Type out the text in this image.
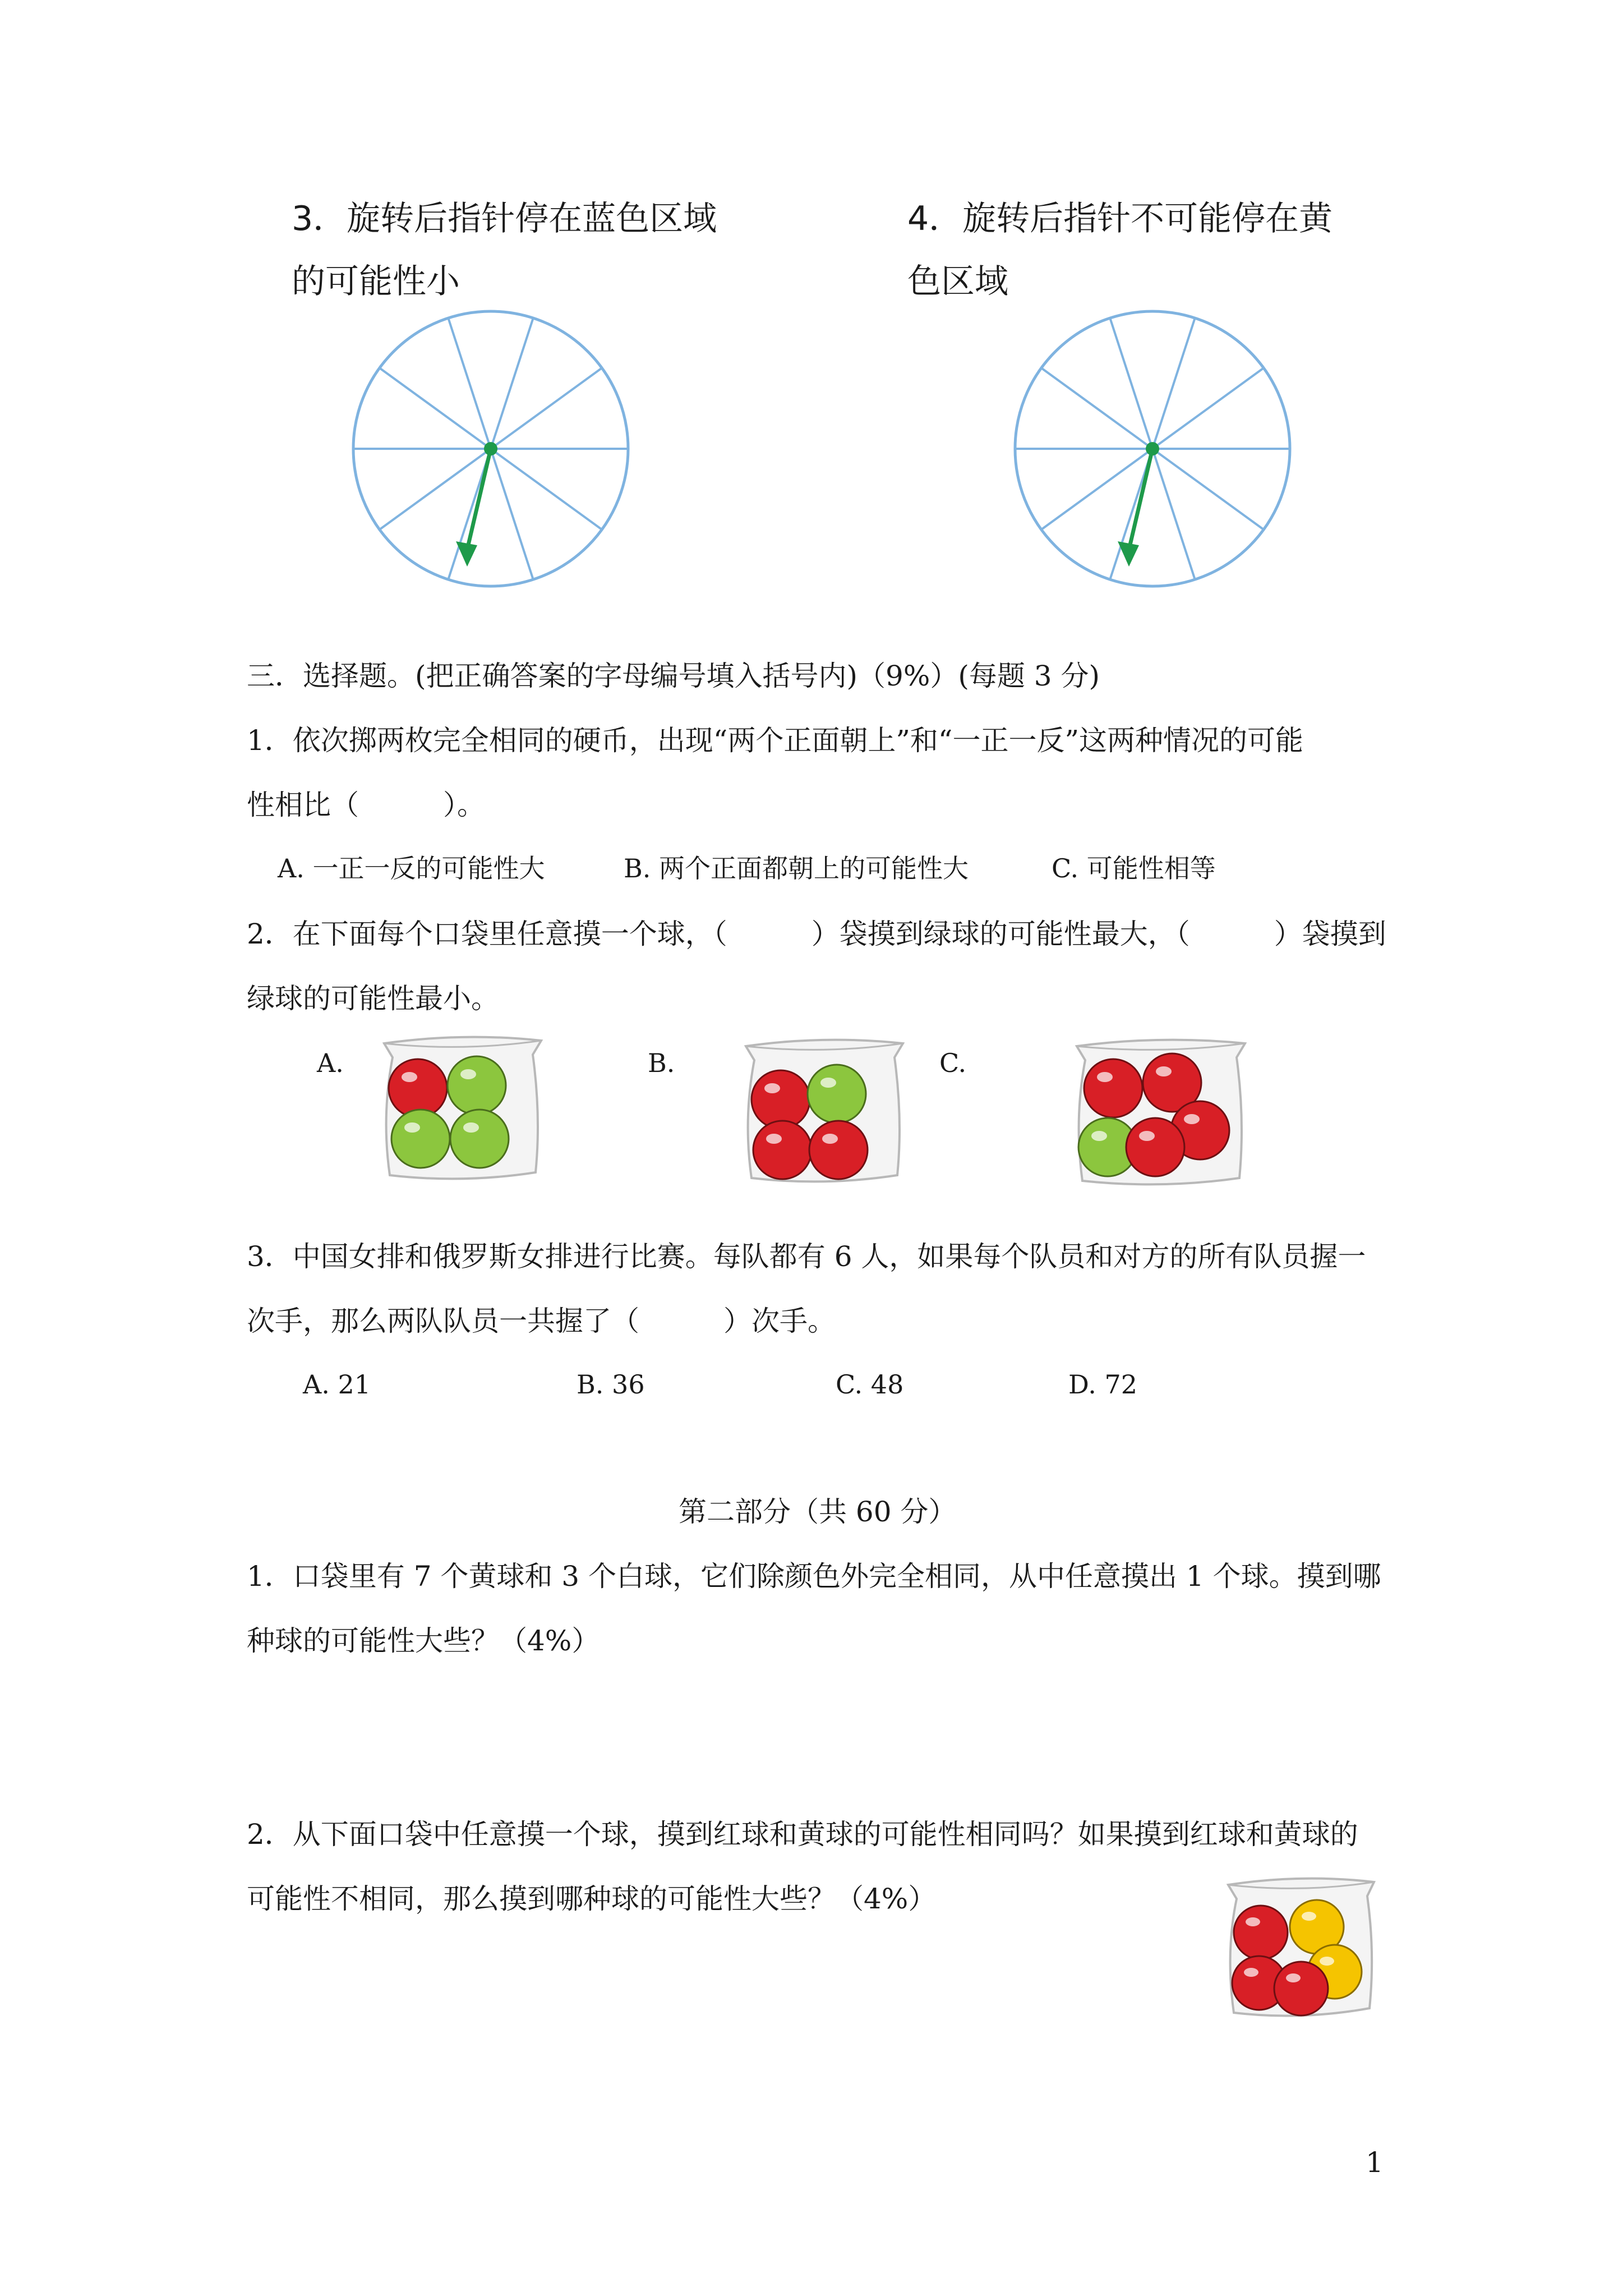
3．旋转后指针停在蓝色区域
的可能性小
4．旋转后指针不可能停在黄
色区域
三．选择题。(把正确答案的字母编号填入括号内)（9%）(每题 3 分)
1．依次掷两枚完全相同的硬币，出现“两个正面朝上”和“一正一反”这两种情况的可能
性相比（　　　）。
A. 一正一反的可能性大	B. 两个正面都朝上的可能性大	C. 可能性相等
2．在下面每个口袋里任意摸一个球，（　　　）袋摸到绿球的可能性最大，（　　　）袋摸到
绿球的可能性最小。
A.	B.	C.
3．中国女排和俄罗斯女排进行比赛。每队都有 6 人，如果每个队员和对方的所有队员握一
次手，那么两队队员一共握了（　　　）次手。
A. 21	B. 36	C. 48	D. 72
第二部分（共 60 分）
1．口袋里有 7 个黄球和 3 个白球，它们除颜色外完全相同，从中任意摸出 1 个球。摸到哪
种球的可能性大些？（4%）
2．从下面口袋中任意摸一个球，摸到红球和黄球的可能性相同吗？如果摸到红球和黄球的
可能性不相同，那么摸到哪种球的可能性大些？（4%）
1
